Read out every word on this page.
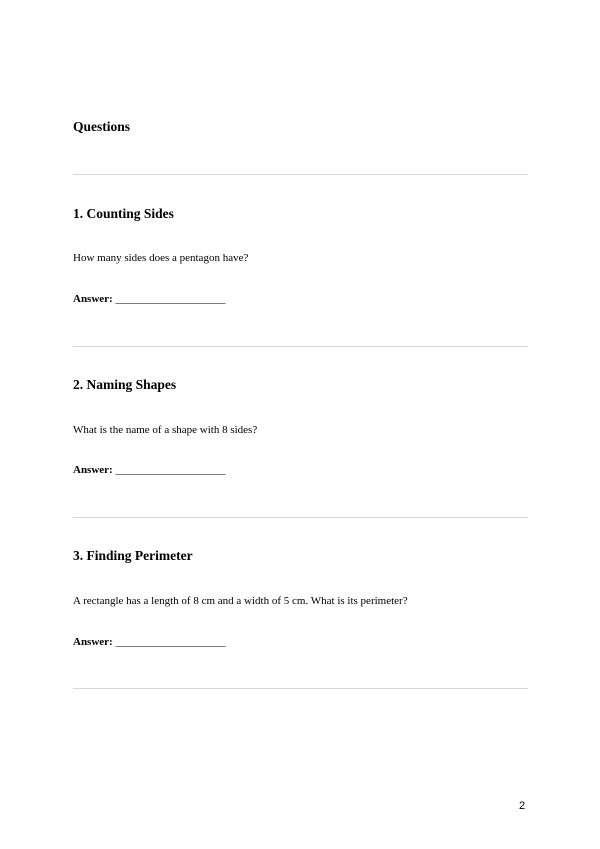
Questions
1. Counting Sides

How many sides does a pentagon have?

Answer: ____________________

2. Naming Shapes

What is the name of a shape with 8 sides?

Answer: ____________________

3. Finding Perimeter

A rectangle has a length of 8 cm and a width of 5 cm. What is its perimeter?

Answer: ____________________

2
